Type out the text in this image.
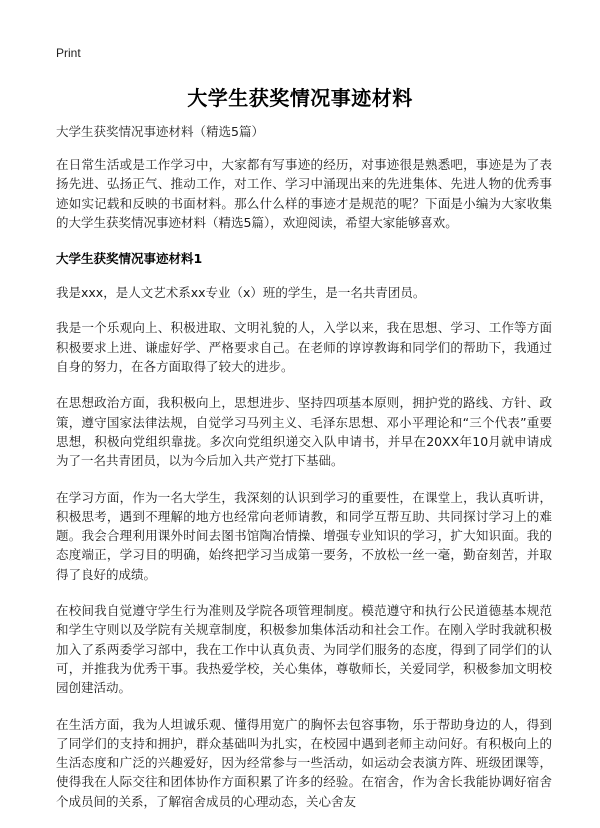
Print
大学生获奖情况事迹材料

大学生获奖情况事迹材料（精选5篇）

在日常生活或是工作学习中，大家都有写事迹的经历，对事迹很是熟悉吧，事迹是为了表扬先进、弘扬正气、推动工作，对工作、学习中涌现出来的先进集体、先进人物的优秀事迹如实记载和反映的书面材料。那么什么样的事迹才是规范的呢？下面是小编为大家收集的大学生获奖情况事迹材料（精选5篇），欢迎阅读，希望大家能够喜欢。

大学生获奖情况事迹材料1

我是xxx，是人文艺术系xx专业（x）班的学生，是一名共青团员。

我是一个乐观向上、积极进取、文明礼貌的人，入学以来，我在思想、学习、工作等方面积极要求上进、谦虚好学、严格要求自己。在老师的谆谆教诲和同学们的帮助下，我通过自身的努力，在各方面取得了较大的进步。

在思想政治方面，我积极向上，思想进步、坚持四项基本原则，拥护党的路线、方针、政策，遵守国家法律法规，自觉学习马列主义、毛泽东思想、邓小平理论和“三个代表”重要思想，积极向党组织靠拢。多次向党组织递交入队申请书，并早在20XX年10月就申请成为了一名共青团员，以为今后加入共产党打下基础。

在学习方面，作为一名大学生，我深刻的认识到学习的重要性，在课堂上，我认真听讲，积极思考，遇到不理解的地方也经常向老师请教，和同学互帮互助、共同探讨学习上的难题。我会合理利用课外时间去图书馆陶冶情操、增强专业知识的学习，扩大知识面。我的态度端正，学习目的明确，始终把学习当成第一要务，不放松一丝一毫，勤奋刻苦，并取得了良好的成绩。

在校间我自觉遵守学生行为准则及学院各项管理制度。模范遵守和执行公民道德基本规范和学生守则以及学院有关规章制度，积极参加集体活动和社会工作。在刚入学时我就积极加入了系两委学习部中，我在工作中认真负责、为同学们服务的态度，得到了同学们的认可，并推我为优秀干事。我热爱学校，关心集体，尊敬师长，关爱同学，积极参加文明校园创建活动。

在生活方面，我为人坦诚乐观、懂得用宽广的胸怀去包容事物，乐于帮助身边的人，得到了同学们的支持和拥护，群众基础叫为扎实，在校园中遇到老师主动问好。有积极向上的生活态度和广泛的兴趣爱好，因为经常参与一些活动，如运动会表演方阵、班级团课等，使得我在人际交往和团体协作方面积累了许多的经验。在宿舍，作为舍长我能协调好宿舍个成员间的关系，了解宿舍成员的心理动态，关心舍友
